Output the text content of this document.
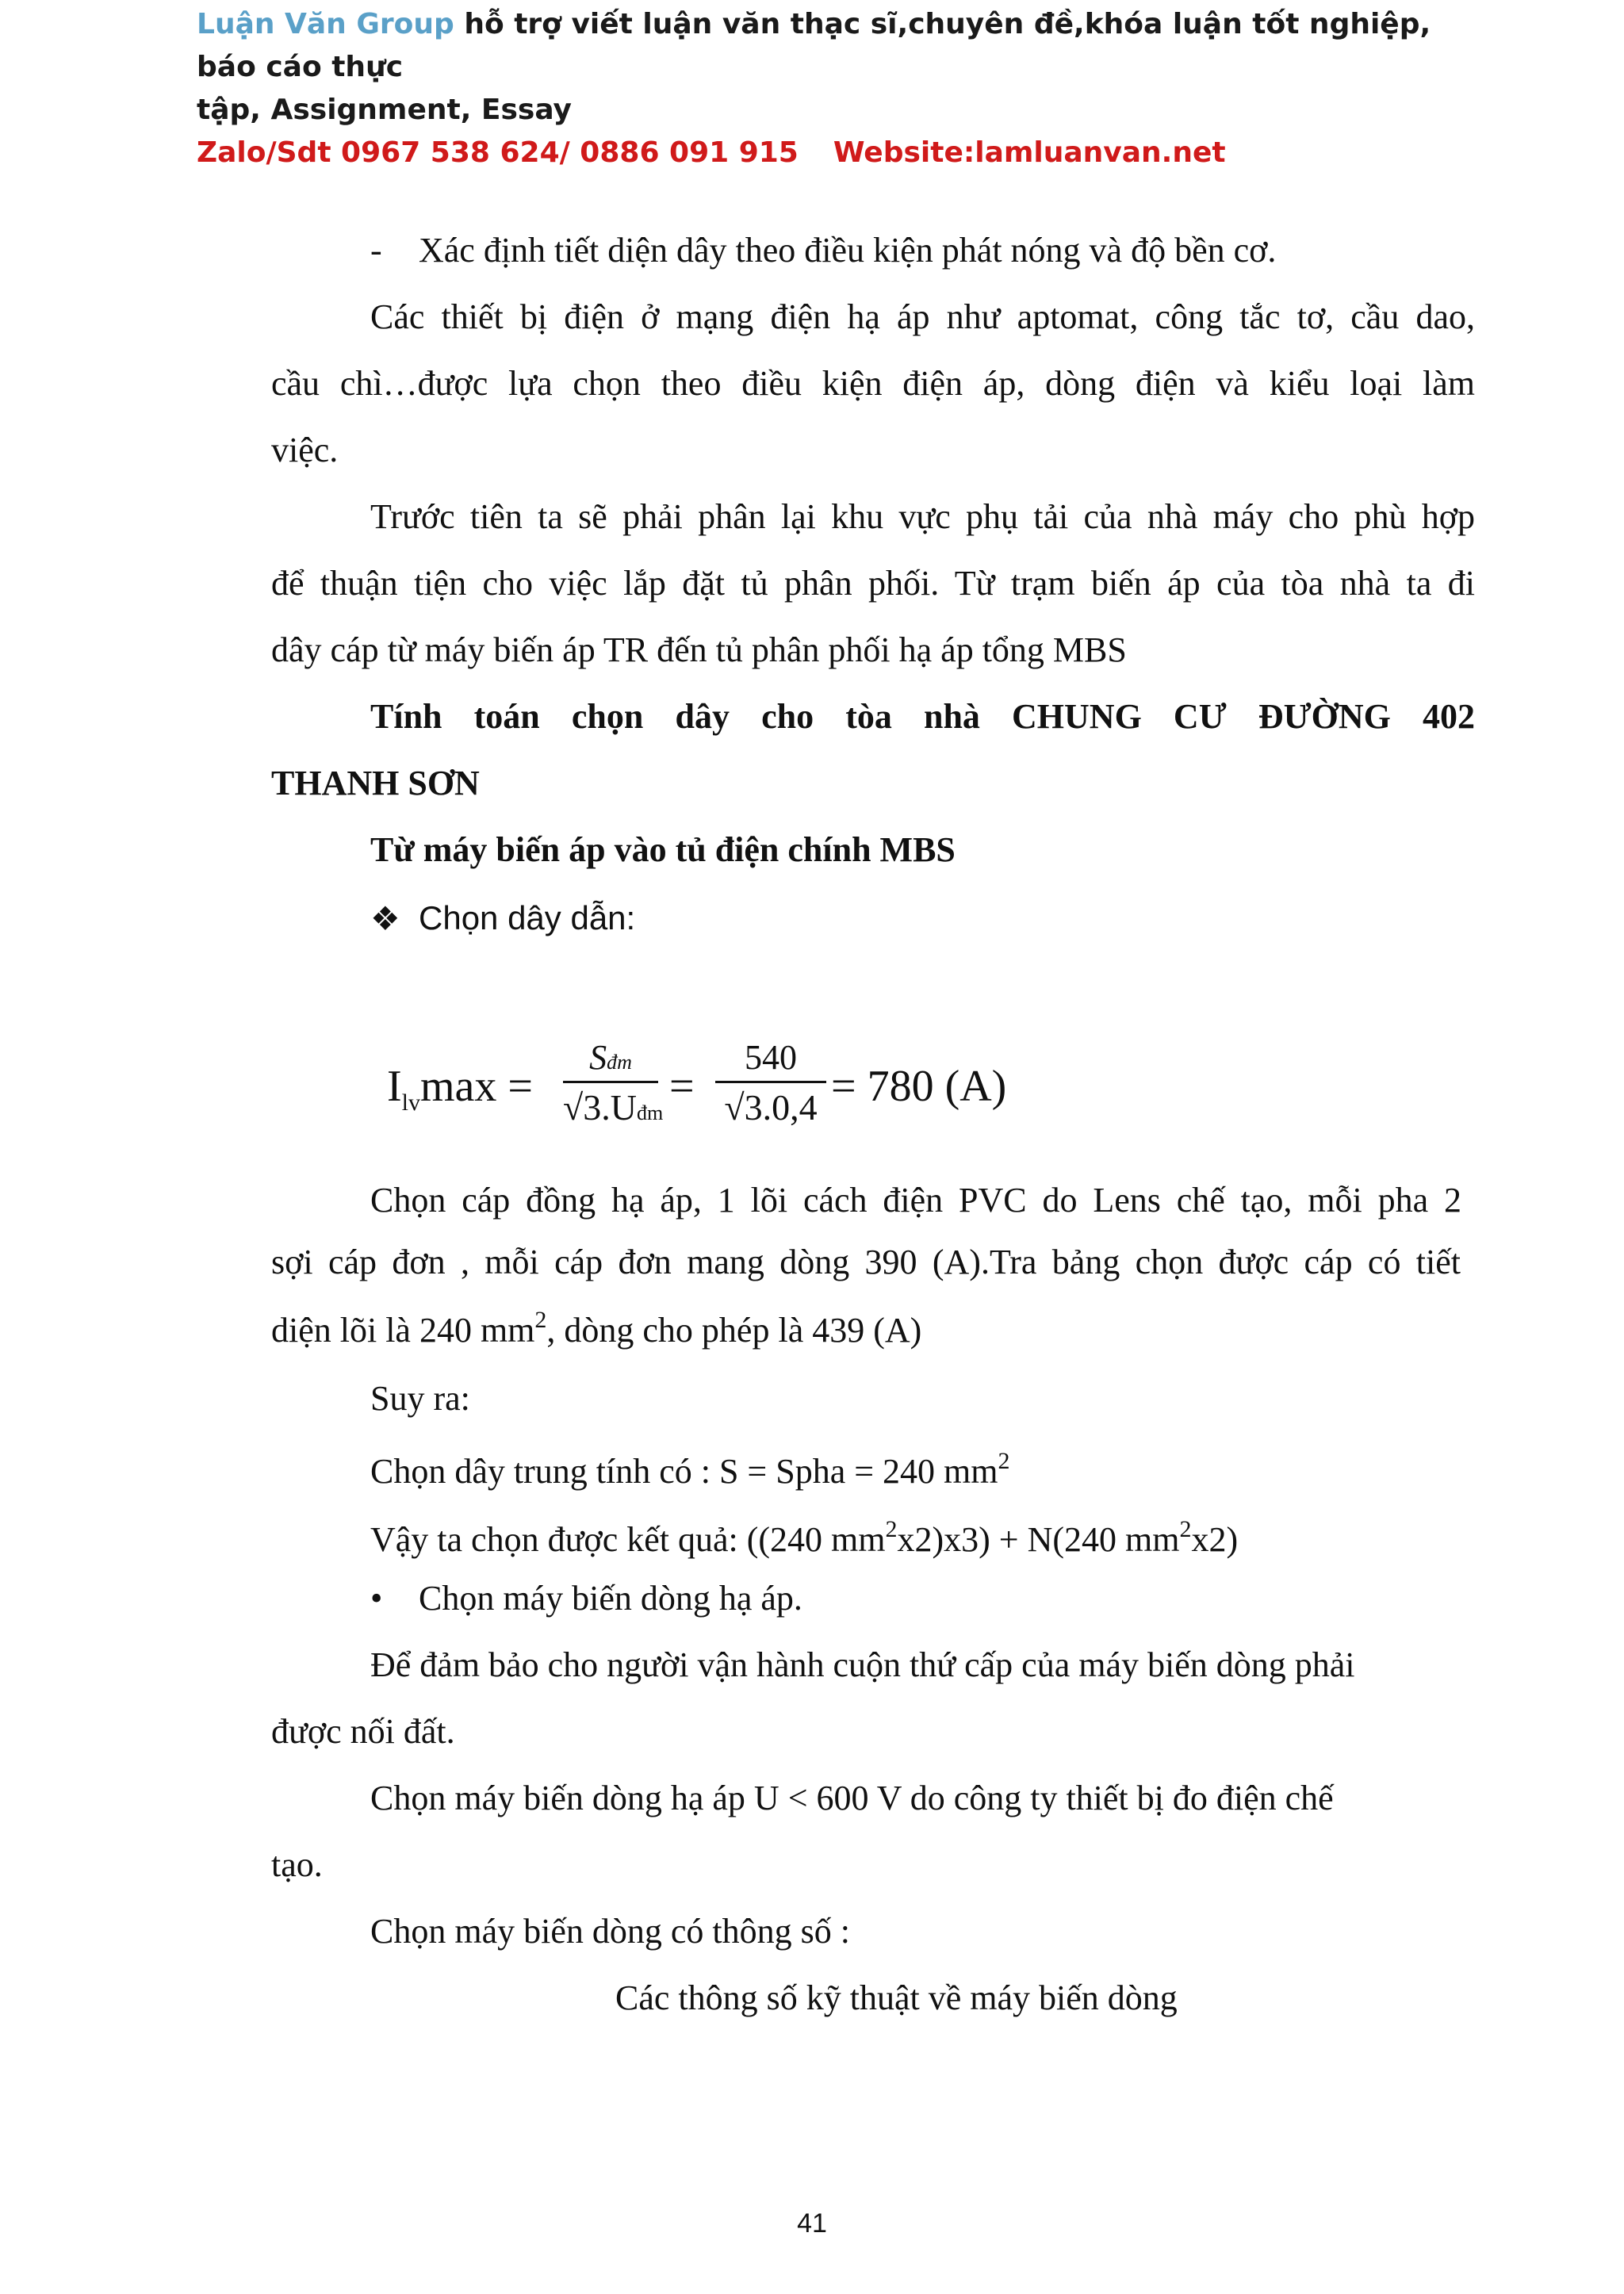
Luận Văn Group hỗ trợ viết luận văn thạc sĩ,chuyên đề,khóa luận tốt nghiệp, báo cáo thực
tập, Assignment, Essay
Zalo/Sdt 0967 538 624/ 0886 091 915 Website:lamluanvan.net
- Xác định tiết diện dây theo điều kiện phát nóng và độ bền cơ.
Các thiết bị điện ở mạng điện hạ áp như aptomat, công tắc tơ, cầu dao,
cầu chì…được lựa chọn theo điều kiện điện áp, dòng điện và kiểu loại làm
việc.
Trước tiên ta sẽ phải phân lại khu vực phụ tải của nhà máy cho phù hợp
để thuận tiện cho việc lắp đặt tủ phân phối. Từ trạm biến áp của tòa nhà ta đi
dây cáp từ máy biến áp TR đến tủ phân phối hạ áp tổng MBS
Tính toán chọn dây cho tòa nhà CHUNG CƯ ĐƯỜNG 402
THANH SƠN
Từ máy biến áp vào tủ điện chính MBS
❖ Chọn dây dẫn:
$I_{lv}\max$ =
Sđm
√3.Uđm
=
540
√3.0,4 = 780 (A)
Chọn cáp đồng hạ áp, 1 lõi cách điện PVC do Lens chế tạo, mỗi pha 2
sợi cáp đơn , mỗi cáp đơn mang dòng 390 (A).Tra bảng chọn được cáp có tiết
diện lõi là 240 $mm^2$, dòng cho phép là 439 (A)
Suy ra:
Chọn dây trung tính có : S = Spha = 240 $mm^2$
Vậy ta chọn được kết quả: ((240 $mm^2x2)x3) + N(240$ $mm^2x2$)
• Chọn máy biến dòng hạ áp.
Để đảm bảo cho người vận hành cuộn thứ cấp của máy biến dòng phải
được nối đất.
Chọn máy biến dòng hạ áp U < 600 V do công ty thiết bị đo điện chế
tạo.
Chọn máy biến dòng có thông số :
Các thông số kỹ thuật về máy biến dòng
41
